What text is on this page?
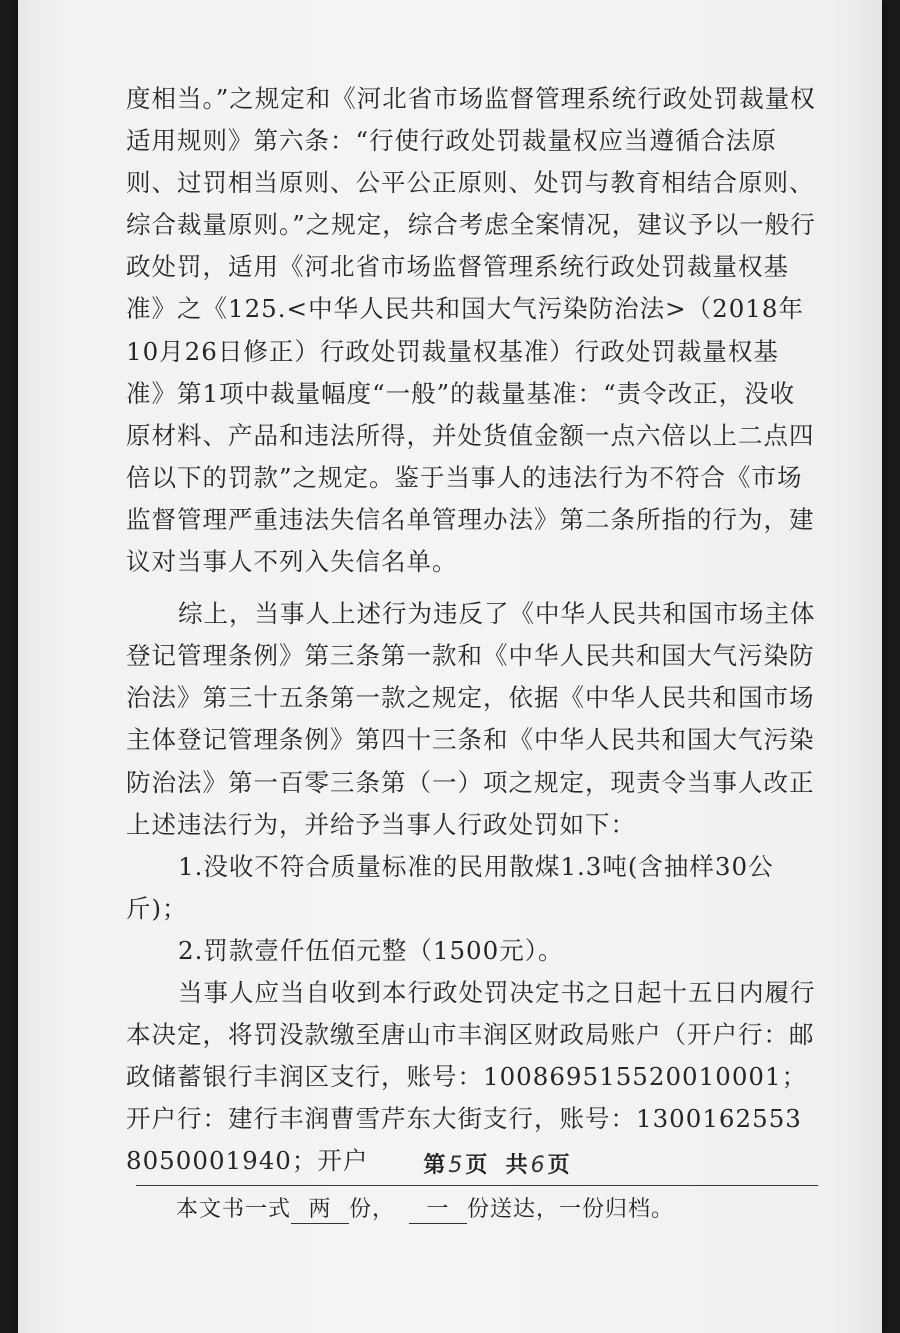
度相当。”之规定和《河北省市场监督管理系统行政处罚裁量权适用规则》第六条：“行使行政处罚裁量权应当遵循合法原则、过罚相当原则、公平公正原则、处罚与教育相结合原则、综合裁量原则。”之规定，综合考虑全案情况，建议予以一般行政处罚，适用《河北省市场监督管理系统行政处罚裁量权基准》之《125.<中华人民共和国大气污染防治法>（2018年10月26日修正）行政处罚裁量权基准）行政处罚裁量权基准》第1项中裁量幅度“一般”的裁量基准：“责令改正，没收原材料、产品和违法所得，并处货值金额一点六倍以上二点四倍以下的罚款”之规定。鉴于当事人的违法行为不符合《市场监督管理严重违法失信名单管理办法》第二条所指的行为，建议对当事人不列入失信名单。

综上，当事人上述行为违反了《中华人民共和国市场主体登记管理条例》第三条第一款和《中华人民共和国大气污染防治法》第三十五条第一款之规定，依据《中华人民共和国市场主体登记管理条例》第四十三条和《中华人民共和国大气污染防治法》第一百零三条第（一）项之规定，现责令当事人改正上述违法行为，并给予当事人行政处罚如下：

1.没收不符合质量标准的民用散煤1.3吨(含抽样30公斤)；

2.罚款壹仟伍佰元整（1500元）。

当事人应当自收到本行政处罚决定书之日起十五日内履行本决定，将罚没款缴至唐山市丰润区财政局账户（开户行：邮政储蓄银行丰润区支行，账号：100869515520010001；开户行：建行丰润曹雪芹东大街支行，账号：13001625538050001940；开户	第5页  共6页
本文书一式 两 份， 一 份送达，一份归档。
